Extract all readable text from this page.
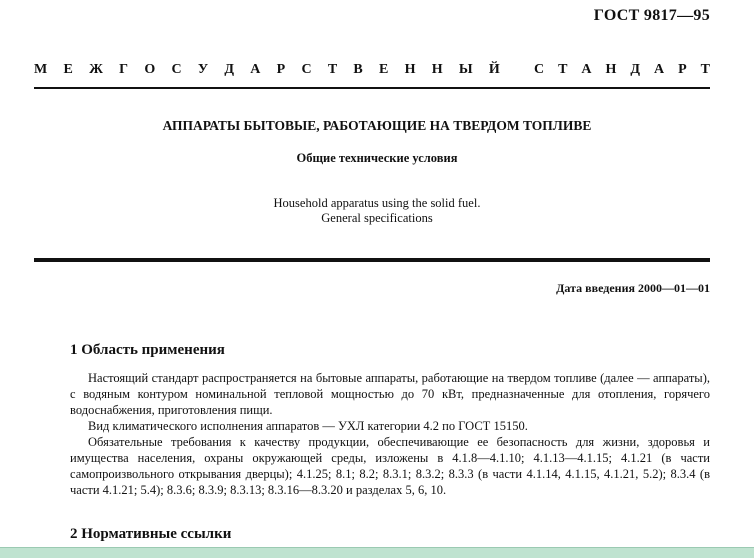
ГОСТ 9817—95
М Е Ж Г О С У Д А Р С Т В Е Н Н Ы Й С Т А Н Д А Р Т
АППАРАТЫ БЫТОВЫЕ, РАБОТАЮЩИЕ НА ТВЕРДОМ ТОПЛИВЕ
Общие технические условия
Household apparatus using the solid fuel.
General specifications
Дата введения 2000—01—01
1 Область применения

Настоящий стандарт распространяется на бытовые аппараты, работающие на твердом топливе (далее — аппараты), с водяным контуром номинальной тепловой мощностью до 70 кВт, предназначенные для отопления, горячего водоснабжения, приготовления пищи.

Вид климатического исполнения аппаратов — УХЛ категории 4.2 по ГОСТ 15150.

Обязательные требования к качеству продукции, обеспечивающие ее безопасность для жизни, здоровья и имущества населения, охраны окружающей среды, изложены в 4.1.8—4.1.10; 4.1.13—4.1.15; 4.1.21 (в части самопроизвольного открывания дверцы); 4.1.25; 8.1; 8.2; 8.3.1; 8.3.2; 8.3.3 (в части 4.1.14, 4.1.15, 4.1.21, 5.2); 8.3.4 (в части 4.1.21; 5.4); 8.3.6; 8.3.9; 8.3.13; 8.3.16—8.3.20 и разделах 5, 6, 10.

2 Нормативные ссылки
